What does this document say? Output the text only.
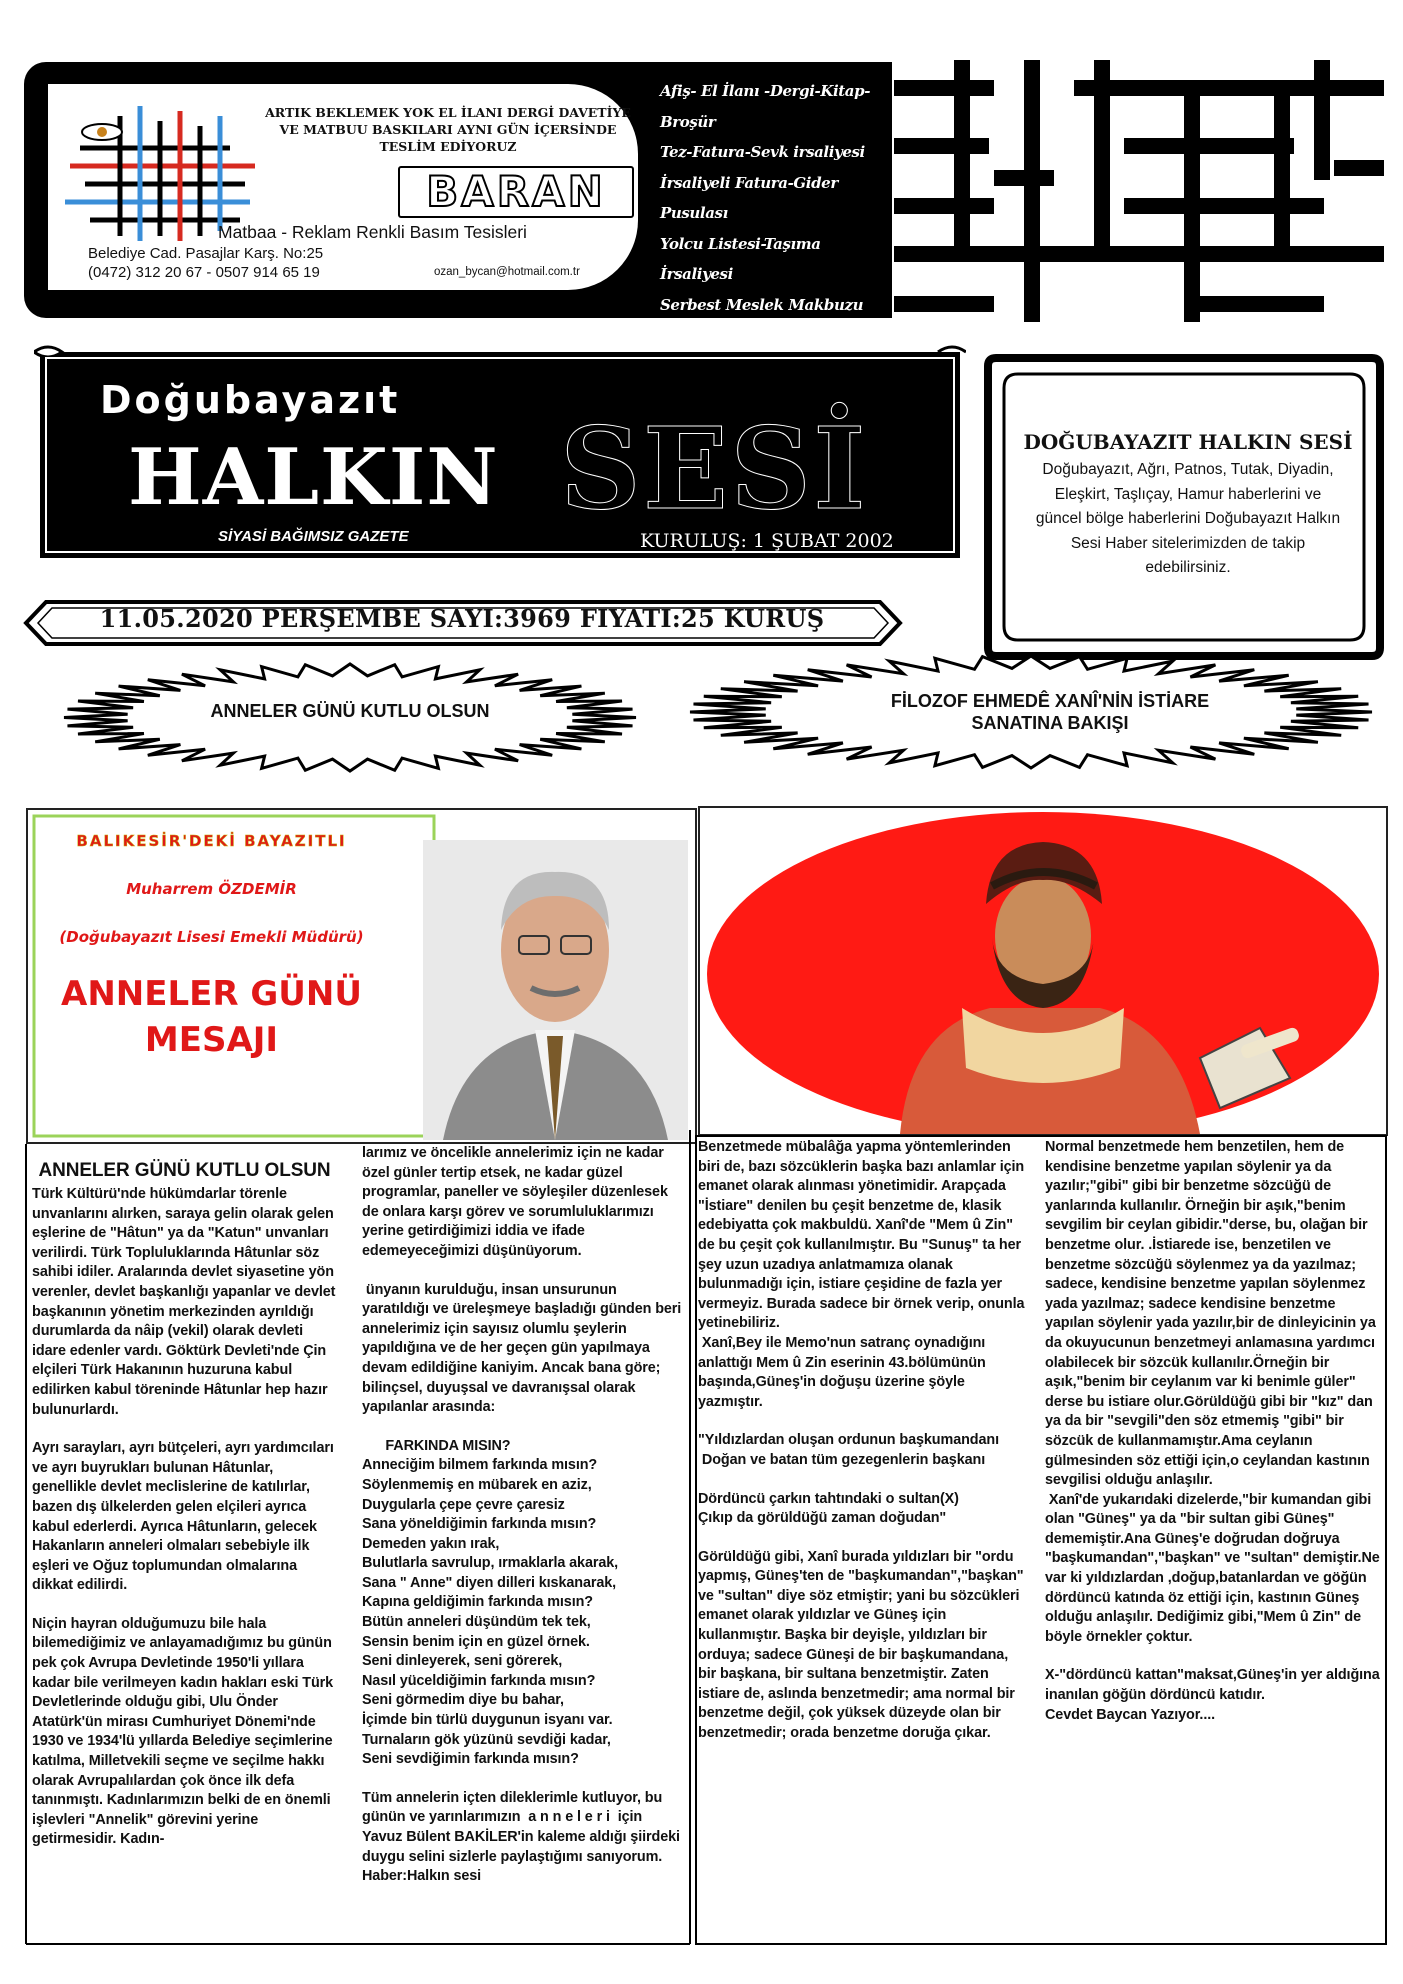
ARTIK BEKLEMEK YOK EL İLANI DERGİ DAVETİYE
VE MATBUU BASKILARI AYNI GÜN İÇERSİNDE
TESLİM EDİYORUZ
BARAN
Matbaa - Reklam Renkli Basım Tesisleri
Belediye Cad. Pasajlar Karş. No:25
(0472) 312 20 67 - 0507 914 65 19	ozan_bycan@hotmail.com.tr
Afiş- El İlanı -Dergi-Kitap-Broşür
Tez-Fatura-Sevk irsaliyesi
İrsaliyeli Fatura-Gider Pusulası
Yolcu Listesi-Taşıma İrsaliyesi
Serbest Meslek Makbuzu
Düğün-Nişan-Sünnet-
Doğubayazıt
HALKIN SESİ
SİYASİ BAĞIMSIZ GAZETE	KURULUŞ: 1 ŞUBAT 2002
DOĞUBAYAZIT HALKIN SESİ
Doğubayazıt, Ağrı, Patnos, Tutak, Diyadin, Eleşkirt, Taşlıçay, Hamur haberlerini ve güncel bölge haberlerini Doğubayazıt Halkın Sesi Haber sitelerimizden de takip edebilirsiniz.
11.05.2020 PERŞEMBE SAYI:3969 FIYATI:25 KURUŞ
ANNELER GÜNÜ KUTLU OLSUN	FİLOZOF EHMEDÊ XANÎ'NİN İSTİARE
SANATINA BAKIŞI
BALIKESİR'DEKİ BAYAZITLI
Muharrem ÖZDEMİR
(Doğubayazıt Lisesi Emekli Müdürü)
ANNELER GÜNÜ
MESAJI
ANNELER GÜNÜ KUTLU OLSUN

Türk Kültürü'nde hükümdarlar törenle unvanlarını alırken, saraya gelin olarak gelen eşlerine de "Hâtun" ya da "Katun" unvanları verilirdi. Türk Topluluklarında Hâtunlar söz sahibi idiler. Aralarında devlet siyasetine yön verenler, devlet başkanlığı yapanlar ve devlet başkanının yönetim merkezinden ayrıldığı durumlarda da nâip (vekil) olarak devleti idare edenler vardı. Göktürk Devleti'nde Çin elçileri Türk Hakanının huzuruna kabul edilirken kabul töreninde Hâtunlar hep hazır bulunurlardı.

Ayrı sarayları, ayrı bütçeleri, ayrı yardımcıları ve ayrı buyrukları bulunan Hâtunlar, genellikle devlet meclislerine de katılırlar, bazen dış ülkelerden gelen elçileri ayrıca kabul ederlerdi. Ayrıca Hâtunların, gelecek Hakanların anneleri olmaları sebebiyle ilk eşleri ve Oğuz toplumundan olmalarına dikkat edilirdi.

Niçin hayran olduğumuzu bile hala bilemediğimiz ve anlayamadığımız bu günün pek çok Avrupa Devletinde 1950'li yıllara kadar bile verilmeyen kadın hakları eski Türk Devletlerinde olduğu gibi, Ulu Önder Atatürk'ün mirası Cumhuriyet Dönemi'nde 1930 ve 1934'lü yıllarda Belediye seçimlerine katılma, Milletvekili seçme ve seçilme hakkı olarak Avrupalılardan çok önce ilk defa tanınmıştı. Kadınlarımızın belki de en önemli işlevleri "Annelik" görevini yerine getirmesidir. Kadın-

larımız ve öncelikle annelerimiz için ne kadar özel günler tertip etsek, ne kadar güzel programlar, paneller ve söyleşiler düzenlesek de onlara karşı görev ve sorumluluklarımızı yerine getirdiğimizi iddia ve ifade edemeyeceğimizi düşünüyorum.

ünyanın kurulduğu, insan unsurunun yaratıldığı ve üreleşmeye başladığı günden beri annelerimiz için sayısız olumlu şeylerin yapıldığına ve de her geçen gün yapılmaya devam edildiğine kaniyim. Ancak bana göre; bilinçsel, duyuşsal ve davranışsal olarak yapılanlar arasında:

FARKINDA MISIN?
Anneciğim bilmem farkında mısın?
Söylenmemiş en mübarek en aziz,
Duygularla çepe çevre çaresiz
Sana yöneldiğimin farkında mısın?
Demeden yakın ırak,
Bulutlarla savrulup, ırmaklarla akarak,
Sana " Anne" diyen dilleri kıskanarak,
Kapına geldiğimin farkında mısın?
Bütün anneleri düşündüm tek tek,
Sensin benim için en güzel örnek.
Seni dinleyerek, seni görerek,
Nasıl yüceldiğimin farkında mısın?
Seni görmedim diye bu bahar,
İçimde bin türlü duygunun isyanı var.
Turnaların gök yüzünü sevdiği kadar,
Seni sevdiğimin farkında mısın?

Tüm annelerin içten dileklerimle kutluyor, bu günün ve yarınlarımızın  a n n e l e r i  için Yavuz Bülent BAKİLER'in kaleme aldığı şiirdeki duygu selini sizlerle paylaştığımı sanıyorum.
Haber:Halkın sesi

Benzetmede mübalâğa yapma yöntemlerinden biri de, bazı sözcüklerin başka bazı anlamlar için emanet olarak alınması yönetimidir. Arapçada "İstiare" denilen bu çeşit benzetme de, klasik edebiyatta çok makbuldü. Xanî'de "Mem û Zin" de bu çeşit çok kullanılmıştır. Bu "Sunuş" ta her şey uzun uzadıya anlatmamıza olanak bulunmadığı için, istiare çeşidine de fazla yer vermeyiz. Burada sadece bir örnek verip, onunla yetinebiliriz.
Xanî,Bey ile Memo'nun satranç oynadığını anlattığı Mem û Zin eserinin 43.bölümünün başında,Güneş'in doğuşu üzerine şöyle yazmıştır.

"Yıldızlardan oluşan ordunun başkumandanı
Doğan ve batan tüm gezegenlerin başkanı

Dördüncü çarkın tahtındaki o sultan(X)
Çıkıp da görüldüğü zaman doğudan"

Görüldüğü gibi, Xanî burada yıldızları bir "ordu yapmış, Güneş'ten de "başkumandan","başkan" ve "sultan" diye söz etmiştir; yani bu sözcükleri emanet olarak yıldızlar ve Güneş için kullanmıştır. Başka bir deyişle, yıldızları bir orduya; sadece Güneşi de bir başkumandana, bir başkana, bir sultana benzetmiştir. Zaten istiare de, aslında benzetmedir; ama normal bir benzetme değil, çok yüksek düzeyde olan bir benzetmedir; orada benzetme doruğa çıkar.

Normal benzetmede hem benzetilen, hem de kendisine benzetme yapılan söylenir ya da yazılır;"gibi" gibi bir benzetme sözcüğü de yanlarında kullanılır. Örneğin bir aşık,"benim sevgilim bir ceylan gibidir."derse, bu, olağan bir benzetme olur. .İstiarede ise, benzetilen ve benzetme sözcüğü söylenmez ya da yazılmaz; sadece, kendisine benzetme yapılan söylenmez yada yazılmaz; sadece kendisine benzetme yapılan söylenir yada yazılır,bir de dinleyicinin ya da okuyucunun benzetmeyi anlamasına yardımcı olabilecek bir sözcük kullanılır.Örneğin bir aşık,"benim bir ceylanım var ki benimle güler" derse bu istiare olur.Görüldüğü gibi bir "kız" dan ya da bir "sevgili"den söz etmemiş "gibi" bir sözcük de kullanmamıştır.Ama ceylanın gülmesinden söz ettiği için,o ceylandan kastının sevgilisi olduğu anlaşılır.
Xanî'de yukarıdaki dizelerde,"bir kumandan gibi olan "Güneş" ya da "bir sultan gibi Güneş" dememiştir.Ana Güneş'e doğrudan doğruya "başkumandan","başkan" ve "sultan" demiştir.Ne var ki yıldızlardan ,doğup,batanlardan ve göğün dördüncü katında öz ettiği için, kastının Güneş olduğu anlaşılır. Dediğimiz gibi,"Mem û Zin" de böyle örnekler çoktur.

X-"dördüncü kattan"maksat,Güneş'in yer aldığına inanılan göğün dördüncü katıdır.
Cevdet Baycan Yazıyor....
